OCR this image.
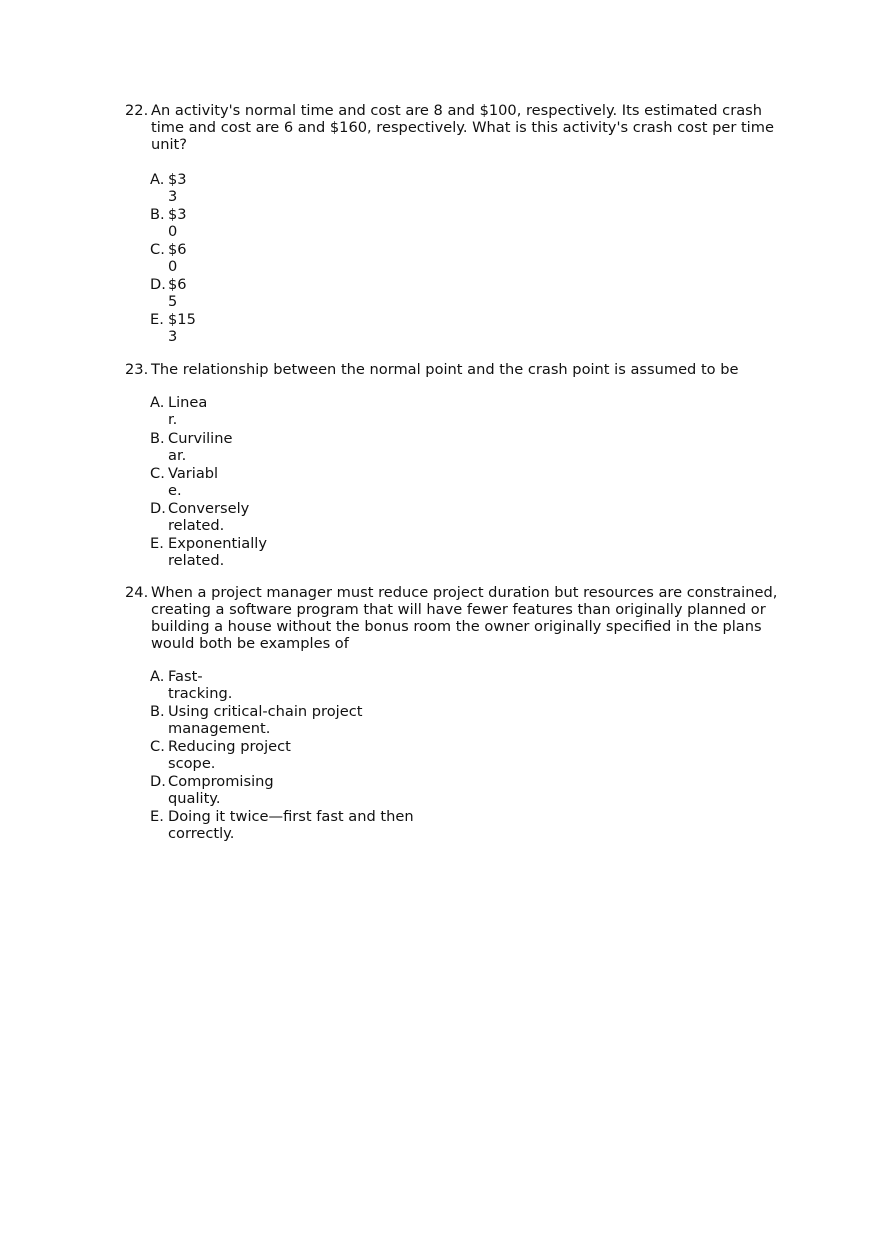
22. An activity's normal time and cost are 8 and $100, respectively. Its estimated crash time and cost are 6 and $160, respectively. What is this activity's crash cost per time unit?
A. $33
B. $30
C. $60
D. $65
E. $153
23. The relationship between the normal point and the crash point is assumed to be
A. Linear.
B. Curvilinear.
C. Variable.
D. Conversely related.
E. Exponentially related.
24. When a project manager must reduce project duration but resources are constrained, creating a software program that will have fewer features than originally planned or building a house without the bonus room the owner originally specified in the plans would both be examples of
A. Fast-tracking.
B. Using critical-chain project management.
C. Reducing project scope.
D. Compromising quality.
E. Doing it twice—first fast and then correctly.
